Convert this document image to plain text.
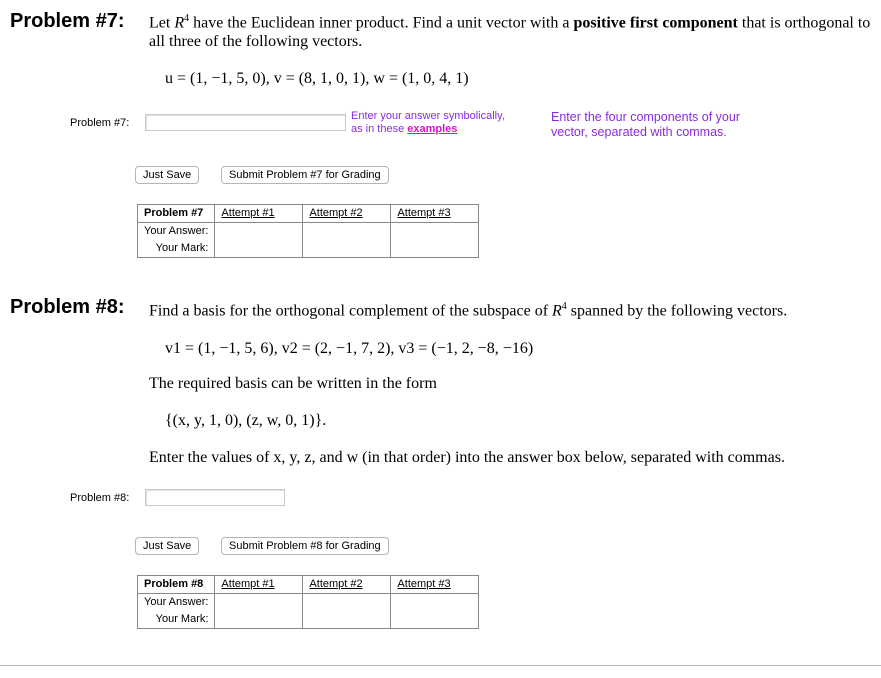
Problem #7: Let $R^4$ have the Euclidean inner product. Find a unit vector with a positive first component that is orthogonal to
all three of the following vectors.
u = (1, −1, 5, 0), v = (8, 1, 0, 1), w = (1, 0, 4, 1)
Problem #7:
Enter your answer symbolically,
as in these examples
Enter the four components of your
vector, separated with commas.
Just Save	Submit Problem #7 for Grading
Problem #7	Attempt #1	Attempt #2	Attempt #3
Your Answer:			
Your Mark:			
Problem #8: Find a basis for the orthogonal complement of the subspace of $R^4$ spanned by the following vectors.
v1 = (1, −1, 5, 6), v2 = (2, −1, 7, 2), v3 = (−1, 2, −8, −16)
The required basis can be written in the form
{(x, y, 1, 0), (z, w, 0, 1)}.
Enter the values of x, y, z, and w (in that order) into the answer box below, separated with commas.
Problem #8:
Just Save	Submit Problem #8 for Grading
Problem #8	Attempt #1	Attempt #2	Attempt #3
Your Answer:			
Your Mark:			
